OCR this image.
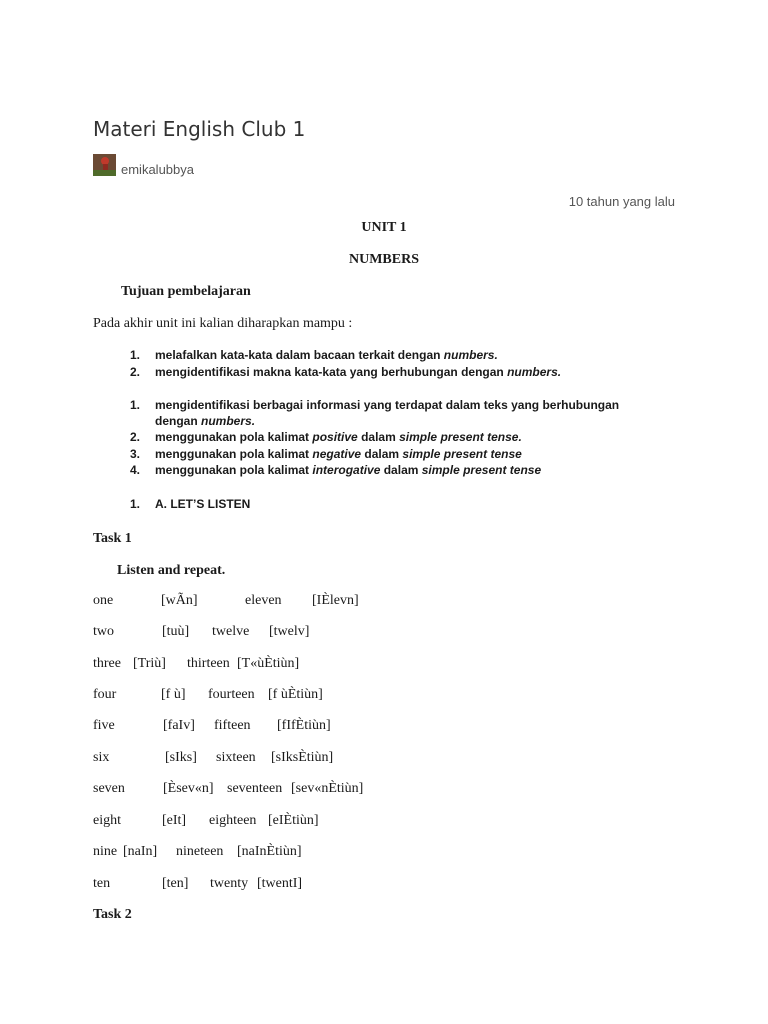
Materi English Club 1
emikalubbya
10 tahun yang lalu
UNIT 1
NUMBERS
Tujuan pembelajaran
Pada akhir unit ini kalian diharapkan mampu :
1. melafalkan kata-kata dalam bacaan terkait dengan numbers.
2. mengidentifikasi makna kata-kata yang berhubungan dengan numbers.
1. mengidentifikasi berbagai informasi yang terdapat dalam teks yang berhubungan
dengan numbers.
2. menggunakan pola kalimat positive dalam simple present tense.
3. menggunakan pola kalimat negative dalam simple present tense
4. menggunakan pola kalimat interogative dalam simple present tense
1. A. LET’S LISTEN
Task 1
Listen and repeat.
one	[wÃn]	eleven [IÈlevn]
two	[tuù] twelve [twelv]
three [Triù] thirteen [T«ùÈtiùn]
four	[f ù] fourteen [f ùÈtiùn]
five	[faIv] fifteen [fIfÈtiùn]
six	[sIks] sixteen [sIksÈtiùn]
seven	[Èsev«n] seventeen [sev«nÈtiùn]
eight	[eIt] eighteen [eIÈtiùn]
nine [naIn] nineteen [naInÈtiùn]
ten	[ten] twenty [twentI]
Task 2
